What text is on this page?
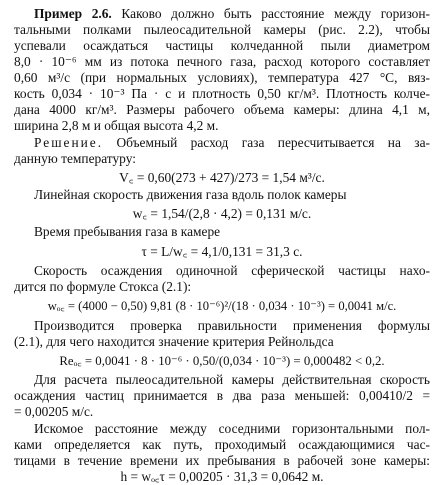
Пример 2.6. Каково должно быть расстояние между горизон-
тальными полками пылеосадительной камеры (рис. 2.2), чтобы
успевали осаждаться частицы колчеданной пыли диаметром
8,0 · 10⁻⁶ мм из потока печного газа, расход которого составляет
0,60 м³/с (при нормальных условиях), температура 427 °С, вяз-
кость 0,034 · 10⁻³ Па · с и плотность 0,50 кг/м³. Плотность колче-
дана 4000 кг/м³. Размеры рабочего объема камеры: длина 4,1 м,
ширина 2,8 м и общая высота 4,2 м.
Решение. Объемный расход газа пересчитывается на за-
данную температуру:
V꜀ = 0,60(273 + 427)/273 = 1,54 м³/с.
Линейная скорость движения газа вдоль полок камеры
w꜀ = 1,54/(2,8 · 4,2) = 0,131 м/с.
Время пребывания газа в камере
τ = L/w꜀ = 4,1/0,131 = 31,3 с.
Скорость осаждения одиночной сферической частицы нахо-
дится по формуле Стокса (2.1):
wₒ꜀ = (4000 − 0,50) 9,81 (8 · 10⁻⁶)²/(18 · 0,034 · 10⁻³) = 0,0041 м/с.
Производится проверка правильности применения формулы
(2.1), для чего находится значение критерия Рейнольдса
Reₒ꜀ = 0,0041 · 8 · 10⁻⁶ · 0,50/(0,034 · 10⁻³) = 0,000482 < 0,2.
Для расчета пылеосадительной камеры действительная скорость
осаждения частиц принимается в два раза меньшей: 0,00410/2 =
= 0,00205 м/с.
Искомое расстояние между соседними горизонтальными пол-
ками определяется как путь, проходимый осаждающимися час-
тицами в течение времени их пребывания в рабочей зоне камеры:
h = wₒ꜀τ = 0,00205 · 31,3 = 0,0642 м.
